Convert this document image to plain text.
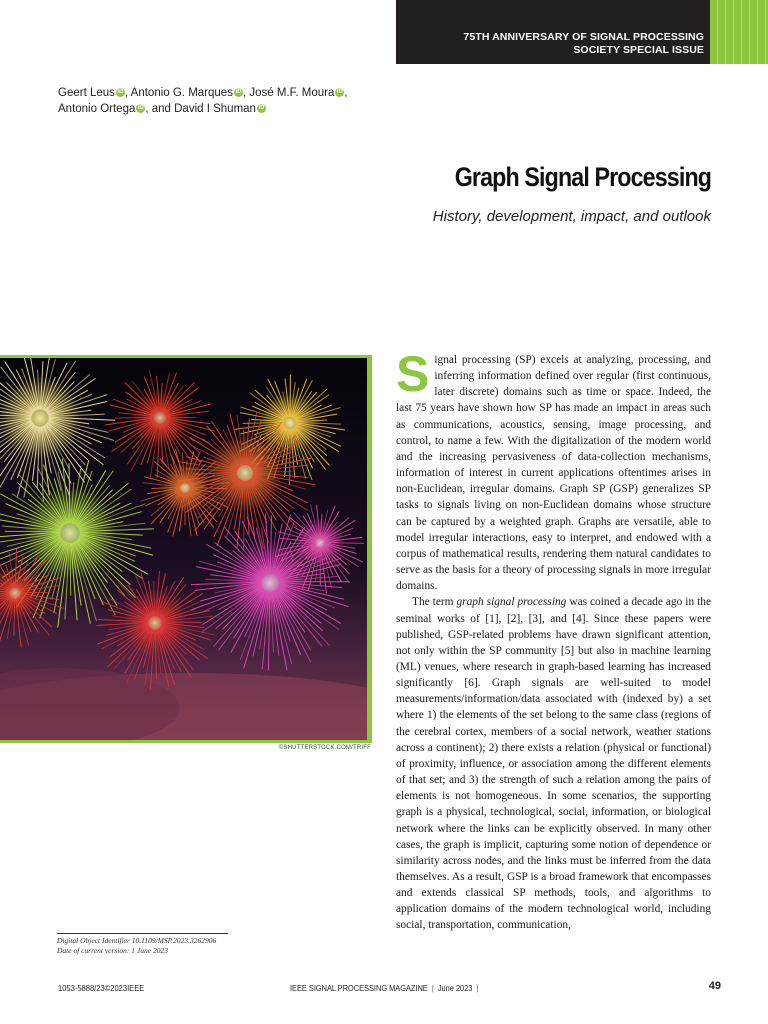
75TH ANNIVERSARY OF SIGNAL PROCESSING
SOCIETY SPECIAL ISSUE
Geert Leus iD , Antonio G. Marques iD , José M.F. Moura iD ,
Antonio Ortega iD , and David I Shuman iD
Graph Signal Processing
History, development, impact, and outlook
©SHUTTERSTOCK.COM/TRIFF
Digital Object Identifier 10.1109/MSP.2023.3262906
Date of current version: 1 June 2023

Signal processing (SP) excels at analyzing, processing, and inferring information defined over regular (first continuous, later discrete) domains such as time or space. Indeed, the last 75 years have shown how SP has made an impact in areas such as communications, acoustics, sensing, image processing, and control, to name a few. With the digitalization of the modern world and the increasing pervasiveness of data-collection mechanisms, information of interest in current applications oftentimes arises in non-Euclidean, irregular domains. Graph SP (GSP) generalizes SP tasks to signals living on non-Euclidean domains whose structure can be captured by a weighted graph. Graphs are versatile, able to model irregular interactions, easy to interpret, and endowed with a corpus of mathematical results, rendering them natural candidates to serve as the basis for a theory of processing signals in more irregular domains.

The term graph signal processing was coined a decade ago in the seminal works of [1], [2], [3], and [4]. Since these papers were published, GSP-related problems have drawn significant attention, not only within the SP community [5] but also in machine learning (ML) venues, where research in graph-based learning has increased significantly [6]. Graph signals are well-suited to model measurements/information/data associated with (indexed by) a set where 1) the elements of the set belong to the same class (regions of the cerebral cortex, members of a social network, weather stations across a continent); 2) there exists a relation (physical or functional) of proximity, influence, or association among the different elements of that set; and 3) the strength of such a relation among the pairs of elements is not homogeneous. In some scenarios, the supporting graph is a physical, technological, social, information, or biological network where the links can be explicitly observed. In many other cases, the graph is implicit, capturing some notion of dependence or similarity across nodes, and the links must be inferred from the data themselves. As a result, GSP is a broad framework that encompasses and extends classical SP methods, tools, and algorithms to application domains of the modern technological world, including social, transportation, communication,

1053-5888/23©2023IEEE	IEEE SIGNAL PROCESSING MAGAZINE | June 2023 |	49
